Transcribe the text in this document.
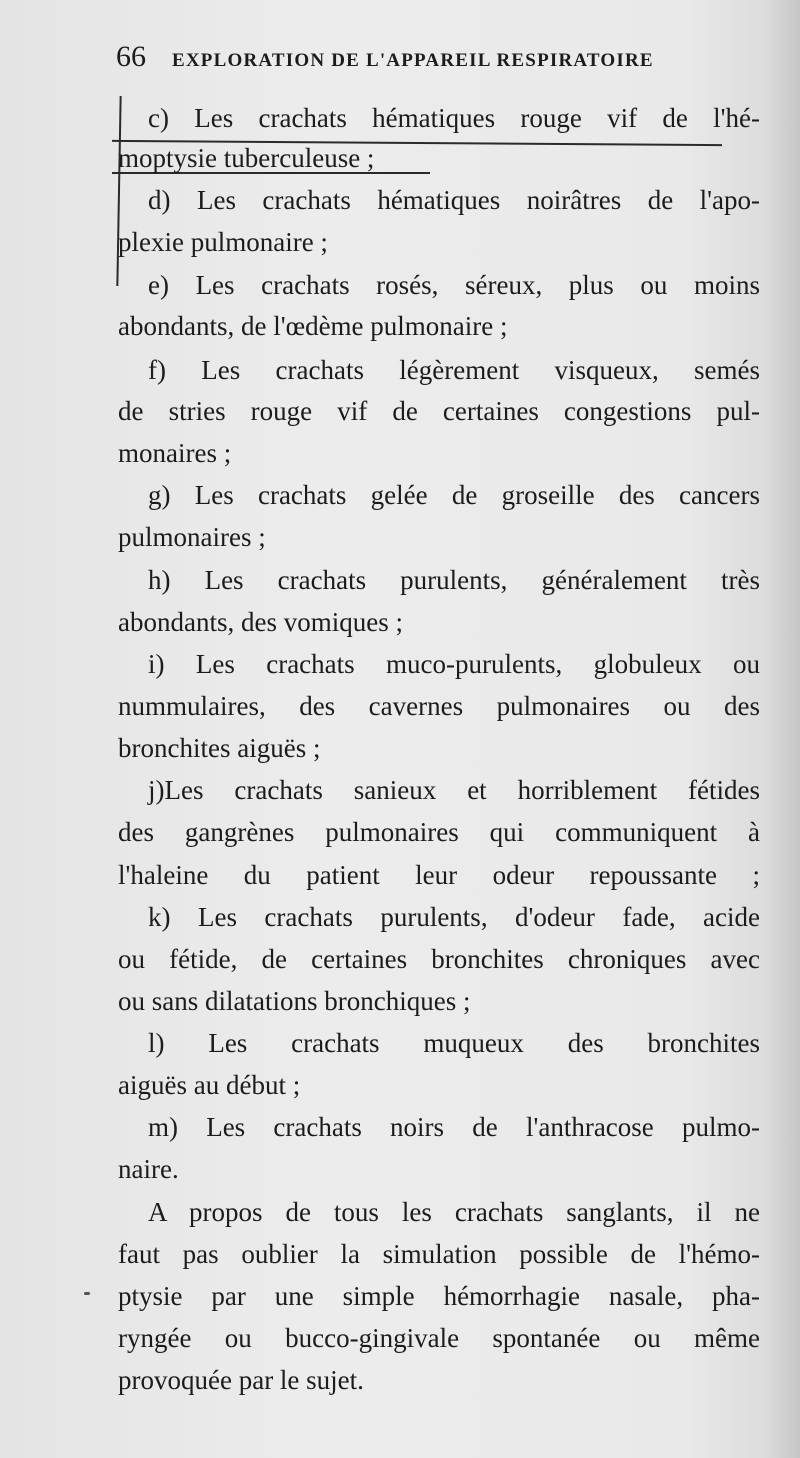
66 EXPLORATION DE L'APPAREIL RESPIRATOIRE
c) Les crachats hématiques rouge vif de l'hé-
moptysie tuberculeuse ;
d) Les crachats hématiques noirâtres de l'apo-
plexie pulmonaire ;
e) Les crachats rosés, séreux, plus ou moins
abondants, de l'œdème pulmonaire ;
f) Les crachats légèrement visqueux, semés
de stries rouge vif de certaines congestions pul-
monaires ;
g) Les crachats gelée de groseille des cancers
pulmonaires ;
h) Les crachats purulents, généralement très
abondants, des vomiques ;
i) Les crachats muco-purulents, globuleux ou
nummulaires, des cavernes pulmonaires ou des
bronchites aiguës ;
j)Les crachats sanieux et horriblement fétides
des gangrènes pulmonaires qui communiquent à
l'haleine du patient leur odeur repoussante ;
k) Les crachats purulents, d'odeur fade, acide
ou fétide, de certaines bronchites chroniques avec
ou sans dilatations bronchiques ;
l) Les crachats muqueux des bronchites
aiguës au début ;
m) Les crachats noirs de l'anthracose pulmo-
naire.
A propos de tous les crachats sanglants, il ne
faut pas oublier la simulation possible de l'hémo-
ptysie par une simple hémorrhagie nasale, pha-
ryngée ou bucco-gingivale spontanée ou même
provoquée par le sujet.
